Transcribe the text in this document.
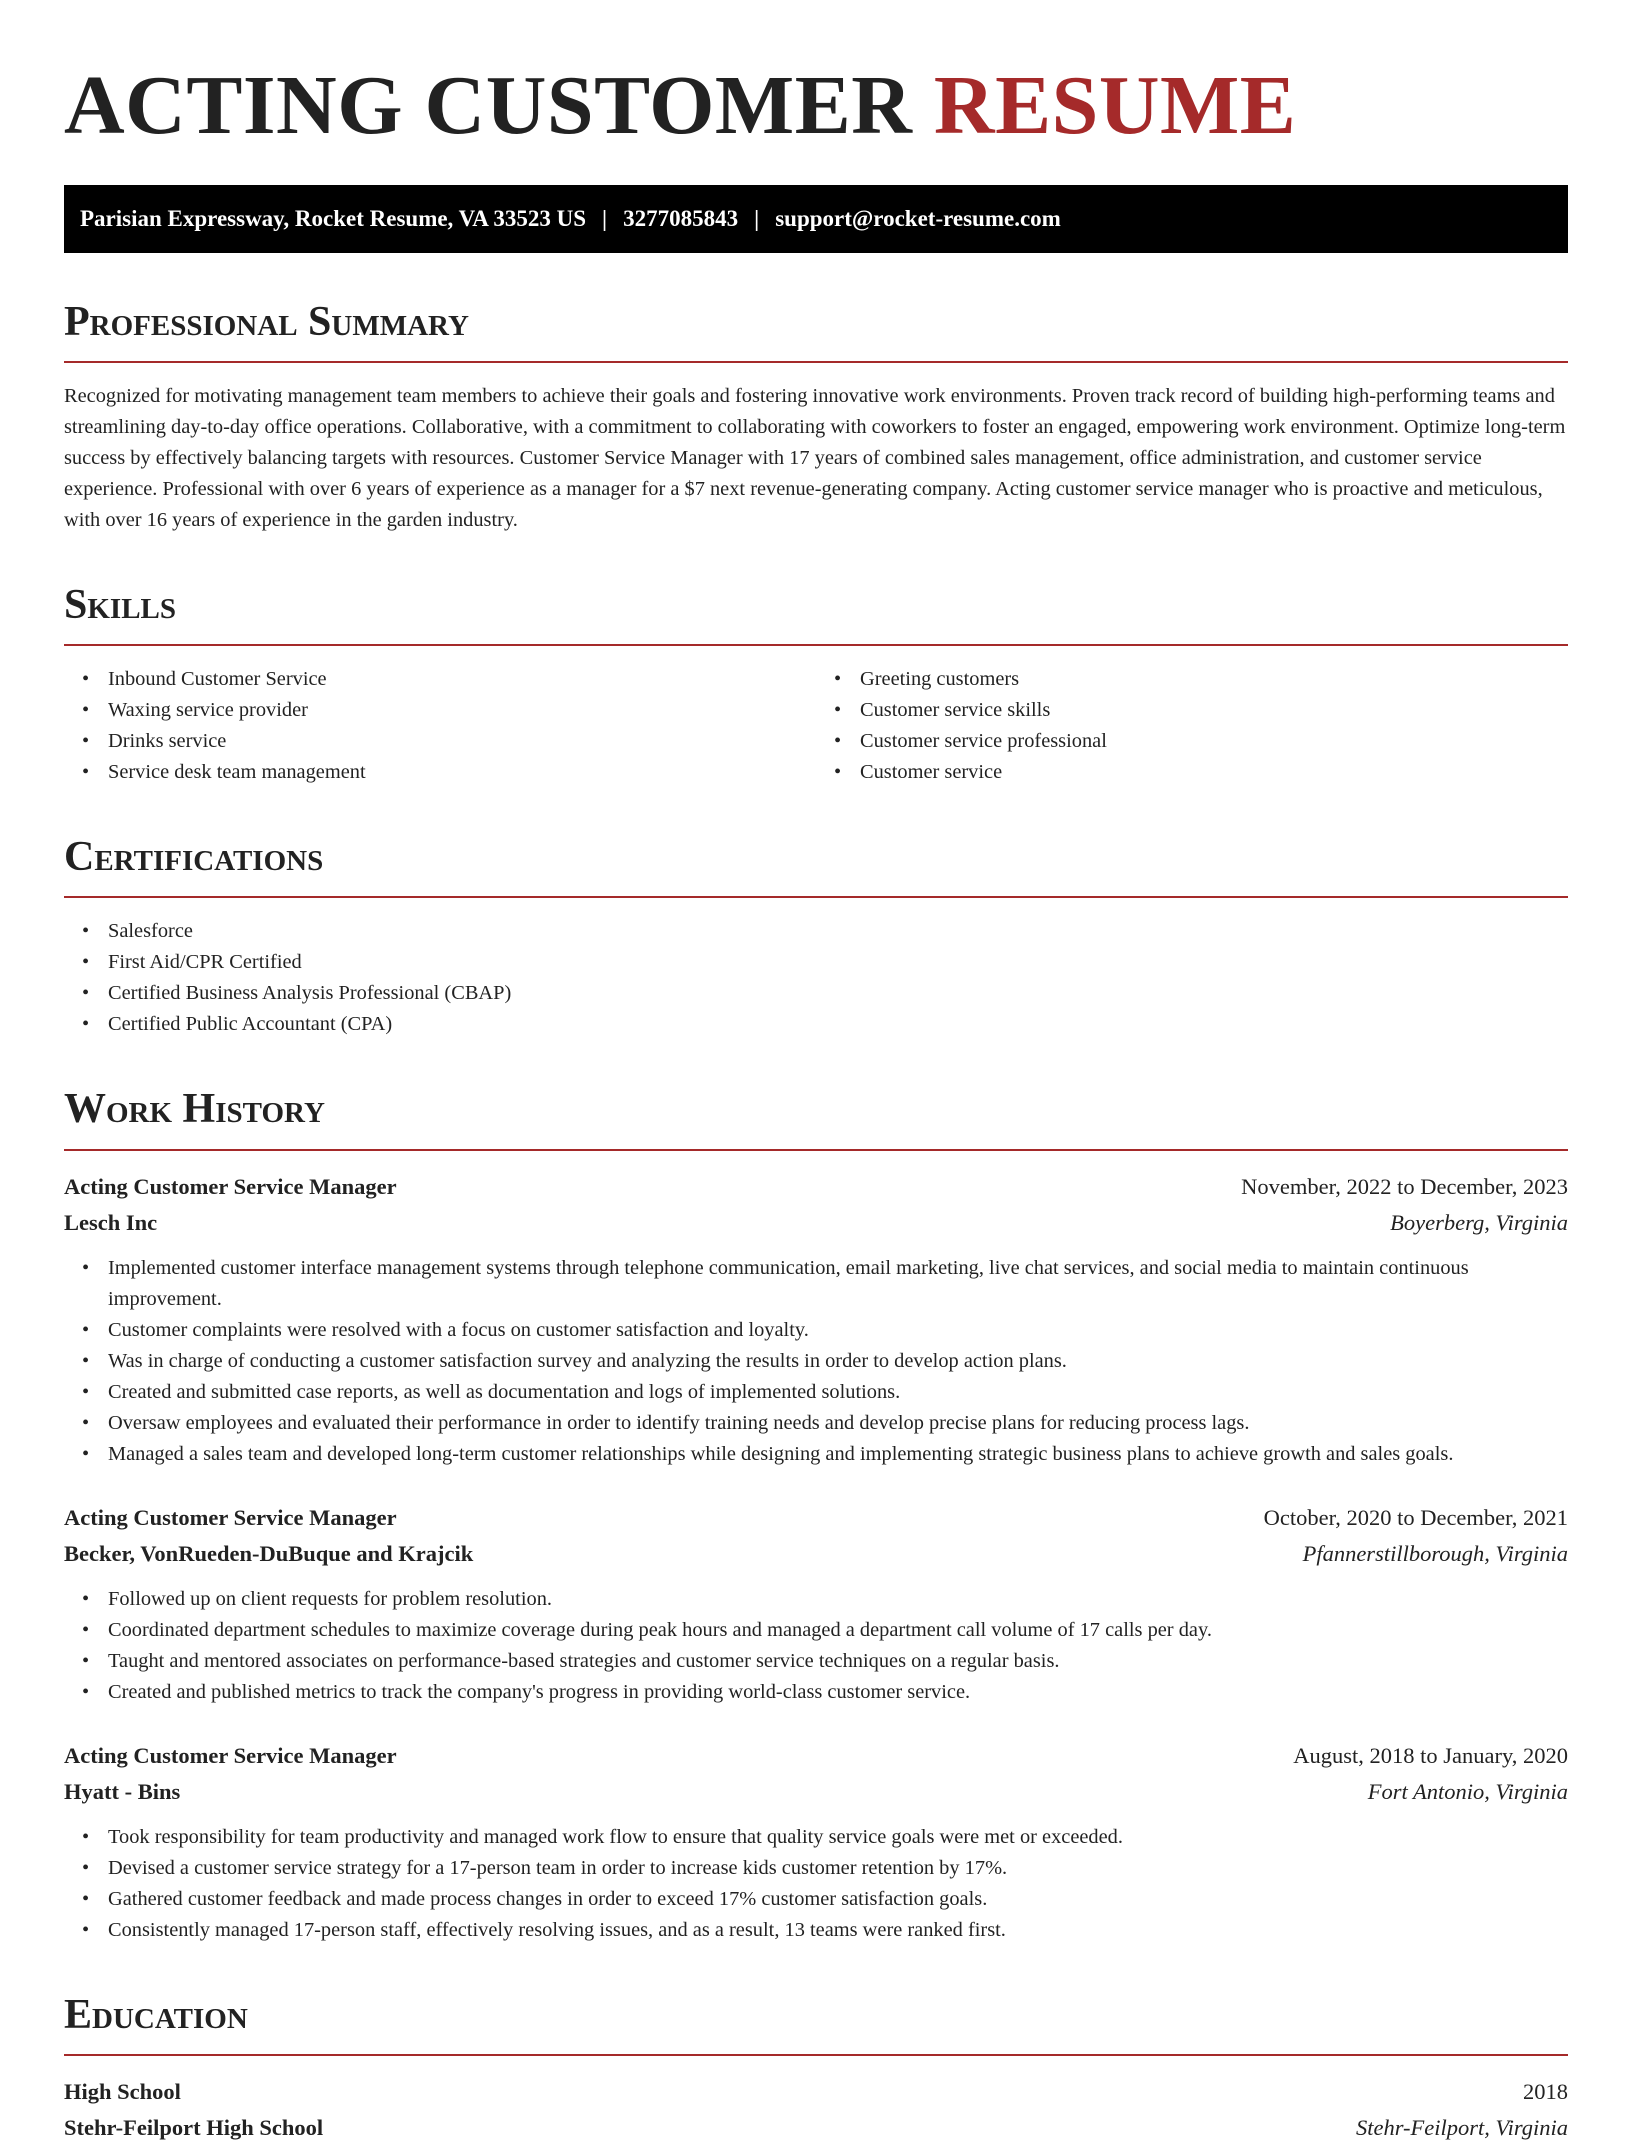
ACTING CUSTOMER RESUME
Parisian Expressway, Rocket Resume, VA 33523 US | 3277085843 | support@rocket-resume.com
Professional Summary

Recognized for motivating management team members to achieve their goals and fostering innovative work environments. Proven track record of building high-performing teams and streamlining day-to-day office operations. Collaborative, with a commitment to collaborating with coworkers to foster an engaged, empowering work environment. Optimize long-term success by effectively balancing targets with resources. Customer Service Manager with 17 years of combined sales management, office administration, and customer service experience. Professional with over 6 years of experience as a manager for a $7 next revenue-generating company. Acting customer service manager who is proactive and meticulous, with over 16 years of experience in the garden industry.

Skills
• Inbound Customer Service
• Waxing service provider
• Drinks service
• Service desk team management
• Greeting customers
• Customer service skills
• Customer service professional
• Customer service
Certifications
• Salesforce
• First Aid/CPR Certified
• Certified Business Analysis Professional (CBAP)
• Certified Public Accountant (CPA)
Work History
Acting Customer Service Manager	November, 2022 to December, 2023
Lesch Inc	Boyerberg, Virginia
• Implemented customer interface management systems through telephone communication, email marketing, live chat services, and social media to maintain continuous improvement.
• Customer complaints were resolved with a focus on customer satisfaction and loyalty.
• Was in charge of conducting a customer satisfaction survey and analyzing the results in order to develop action plans.
• Created and submitted case reports, as well as documentation and logs of implemented solutions.
• Oversaw employees and evaluated their performance in order to identify training needs and develop precise plans for reducing process lags.
• Managed a sales team and developed long-term customer relationships while designing and implementing strategic business plans to achieve growth and sales goals.
Acting Customer Service Manager	October, 2020 to December, 2021
Becker, VonRueden-DuBuque and Krajcik	Pfannerstillborough, Virginia
• Followed up on client requests for problem resolution.
• Coordinated department schedules to maximize coverage during peak hours and managed a department call volume of 17 calls per day.
• Taught and mentored associates on performance-based strategies and customer service techniques on a regular basis.
• Created and published metrics to track the company's progress in providing world-class customer service.
Acting Customer Service Manager	August, 2018 to January, 2020
Hyatt - Bins	Fort Antonio, Virginia
• Took responsibility for team productivity and managed work flow to ensure that quality service goals were met or exceeded.
• Devised a customer service strategy for a 17-person team in order to increase kids customer retention by 17%.
• Gathered customer feedback and made process changes in order to exceed 17% customer satisfaction goals.
• Consistently managed 17-person staff, effectively resolving issues, and as a result, 13 teams were ranked first.
Education
High School	2018
Stehr-Feilport High School	Stehr-Feilport, Virginia
